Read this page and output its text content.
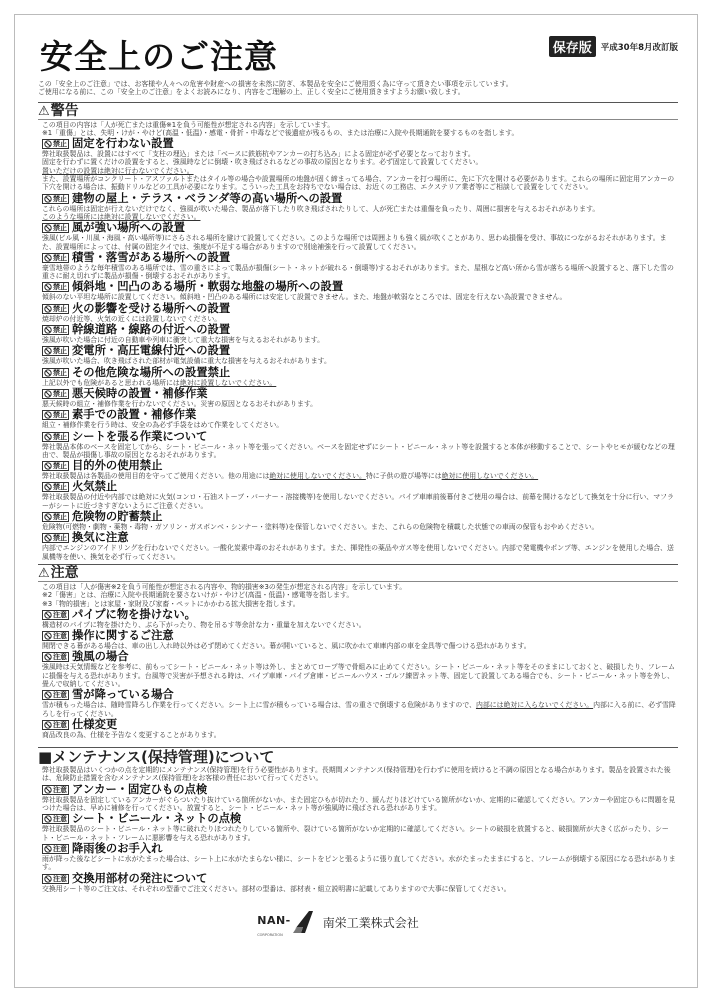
安全上のご注意	保存版	平成30年8月改訂版

この「安全上のご注意」では、お客様や人々への危害や財産への損害を未然に防ぎ、本製品を安全にご使用頂く為に守って頂きたい事項を示しています。

ご使用になる前に、この「安全上のご注意」をよくお読みになり、内容をご理解の上、正しく安全にご使用頂きますようお願い致します。

⚠ 警告

この項目の内容は「人が死亡または重傷※1を負う可能性が想定される内容」を示しています。

※1「重傷」とは、失明・けが・やけど(高温・低温)・感電・骨折・中毒などで後遺症が残るもの、または治療に入院や長期通院を要するものを指します。

禁止 固定を行わない設置

弊社取扱製品は、設置にはすべて「支柱の埋込」または「ベースに鉄筋杭やアンカーの打ち込み」による固定が必ず必要となっております。

固定を行わずに置くだけの設置をすると、強風時などに倒壊・吹き飛ばされるなどの事故の原因となります。必ず固定して設置してください。

置いただけの設置は絶対に行わないでください。

また、設置場所がコンクリート・アスファルトまたはタイル等の場合や設置場所の地盤が固く締まってる場合、アンカーを打つ場所に、先に下穴を開ける必要があります。これらの場所に固定用アンカーの下穴を開ける場合は、振動ドリルなどの工具が必要になります。こういった工具をお持ちでない場合は、お近くの工務店、エクステリア業者等にご相談して設置をしてください。

禁止 建物の屋上・テラス・ベランダ等の高い場所への設置

これらの場所は固定が行えないだけでなく、強風が吹いた場合、製品が落下したり吹き飛ばされたりして、人が死亡または重傷を負ったり、周囲に損害を与えるおそれがあります。

このような場所には絶対に設置しないでください。

禁止 風が強い場所への設置

強風(ビル風・川風・海風・高い場所等)にさらされる場所を避けて設置してください。このような場所では周囲よりも強く風が吹くことがあり、思わぬ損傷を受け、事故につながるおそれがあります。また、設置場所によっては、付属の固定クイでは、強度が不足する場合がありますので別途補強を行って設置してください。

禁止 積雪・落雪がある場所への設置

豪雪地帯のような毎年積雪のある場所では、雪の重さによって製品が損傷(シート・ネットが破れる・倒壊等)するおそれがあります。また、屋根など高い所から雪が落ちる場所へ設置すると、落下した雪の重さに耐え切れずに製品が損傷・倒壊するおそれがあります。

禁止 傾斜地・凹凸のある場所・軟弱な地盤の場所への設置

傾斜のない平坦な場所に設置してください。傾斜地・凹凸のある場所には安定して設置できません。また、地盤が軟弱なところでは、固定を行えない為設置できません。

禁止 火の影響を受ける場所への設置

焼却炉の付近等、火気の近くには設置しないでください。

禁止 幹線道路・線路の付近への設置

強風が吹いた場合に付近の自動車や列車に衝突して重大な損害を与えるおそれがあります。

禁止 変電所・高圧電線付近への設置

強風が吹いた場合、吹き飛ばされた部材が電気設備に重大な損害を与えるおそれがあります。

禁止 その他危険な場所への設置禁止

上記以外でも危険があると思われる場所には絶対に設置しないでください。

禁止 悪天候時の設置・補修作業

悪天候時の組立・補修作業を行わないでください。災害の原因となるおそれがあります。

禁止 素手での設置・補修作業

組立・補修作業を行う時は、安全の為必ず手袋をはめて作業をしてください。

禁止 シートを張る作業について

弊社製品本体のベースを固定してから、シート・ビニール・ネット等を張ってください。ベースを固定せずにシート・ビニール・ネット等を設置すると本体が移動することで、シートやヒモが緩むなどの理由で、製品が損傷し事故の原因となるおそれがあります。

禁止 目的外の使用禁止

弊社取扱製品は各製品の使用目的を守ってご使用ください。他の用途には絶対に使用しないでください。特に子供の遊び場等には絶対に使用しないでください。

禁止 火気禁止

弊社取扱製品の付近や内部では絶対に火気(コンロ・石油ストーブ・バーナー・溶接機等)を使用しないでください。パイプ車庫前後幕付きご使用の場合は、前幕を開けるなどして換気を十分に行い、マフラーがシートに近づきすぎないようにご注意ください。

禁止 危険物の貯蓄禁止

危険物(可燃物・劇物・薬物・毒物・ガソリン・ガスボンベ・シンナー・塗料等)を保管しないでください。また、これらの危険物を積載した状態での車両の保管もおやめください。

禁止 換気に注意

内部でエンジンのアイドリングを行わないでください。一酸化炭素中毒のおそれがあります。また、揮発性の薬品やガス等を使用しないでください。内部で発電機やポンプ等、エンジンを使用した場合、送風機等を使い、換気を必ず行ってください。

⚠ 注意

この項目は「人が傷害※2を負う可能性が想定される内容や、物的損害※3の発生が想定される内容」を示しています。

※2「傷害」とは、治療に入院や長期通院を要さないけが・やけど(高温・低温)・感電等を指します。

※3「物的損害」とは家屋・家財及び家畜・ペットにかかわる拡大損害を指します。

注意 パイプに物を掛けない。

構造材のパイプに物を掛けたり、ぶら下がったり、物を吊るす等余計な力・重量を加えないでください。

注意 操作に関するご注意

開閉できる幕がある場合は、車の出し入れ時以外は必ず閉めてください。幕が開いていると、風に吹かれて車庫内部の車を金具等で傷つける恐れがあります。

注意 強風の場合

強風時は天気情報などを参考に、前もってシート・ビニール・ネット等は外し、まとめてロープ等で骨組みに止めてください。シート・ビニール・ネット等をそのままにしておくと、破損したり、フレームに損傷を与える恐れがあります。台風等で災害が予想される時は、パイプ車庫・パイプ倉庫・ビニールハウス・ゴルフ練習ネット等、固定して設置してある場合でも、シート・ビニール・ネット等を外し、畳んで収納してください。

注意 雪が降っている場合

雪が積もった場合は、随時雪降ろし作業を行ってください。シート上に雪が積もっている場合は、雪の重さで倒壊する危険がありますので、内部には絶対に入らないでください。内部に入る前に、必ず雪降ろしを行ってください。

注意 仕様変更

商品改良の為、仕様を予告なく変更することがあります。

■メンテナンス(保持管理)について

弊社取扱製品はいくつかの点を定期的にメンテナンス(保持管理)を行う必要性があります。長期間メンテナンス(保持管理)を行わずに使用を続けると不調の原因となる場合があります。製品を設置された後は、危険防止措置を含むメンテナンス(保持管理)をお客様の責任において行ってください。

注意 アンカー・固定ひもの点検

弊社取扱製品を固定しているアンカーがぐらついたり抜けている箇所がないか、また固定ひもが切れたり、緩んだりほどけている箇所がないか、定期的に確認してください。アンカーや固定ひもに問題を見つけた場合は、早めに補修を行ってください。放置すると、シート・ビニール・ネット等が強風時に飛ばされる恐れがあります。

注意 シート・ビニール・ネットの点検

弊社取扱製品のシート・ビニール・ネット等に破れたりほつれたりしている箇所や、裂けている箇所がないか定期的に確認してください。シートの破損を放置すると、破損箇所が大きく広がったり、シート・ビニール・ネット・フレームに悪影響を与える恐れがあります。

注意 降雨後のお手入れ

雨が降った後などシートに水がたまった場合は、シート上に水がたまらない様に、シートをピンと張るように張り直してください。水がたまったままにすると、フレームが倒壊する原因になる恐れがあります。

注意 交換用部材の発注について

交換用シート等のご注文は、それぞれの型番でご注文ください。部材の型番は、部材表・組立説明書に記載してありますので大事に保管してください。

NAN-
CORPORATION
南栄工業株式会社
